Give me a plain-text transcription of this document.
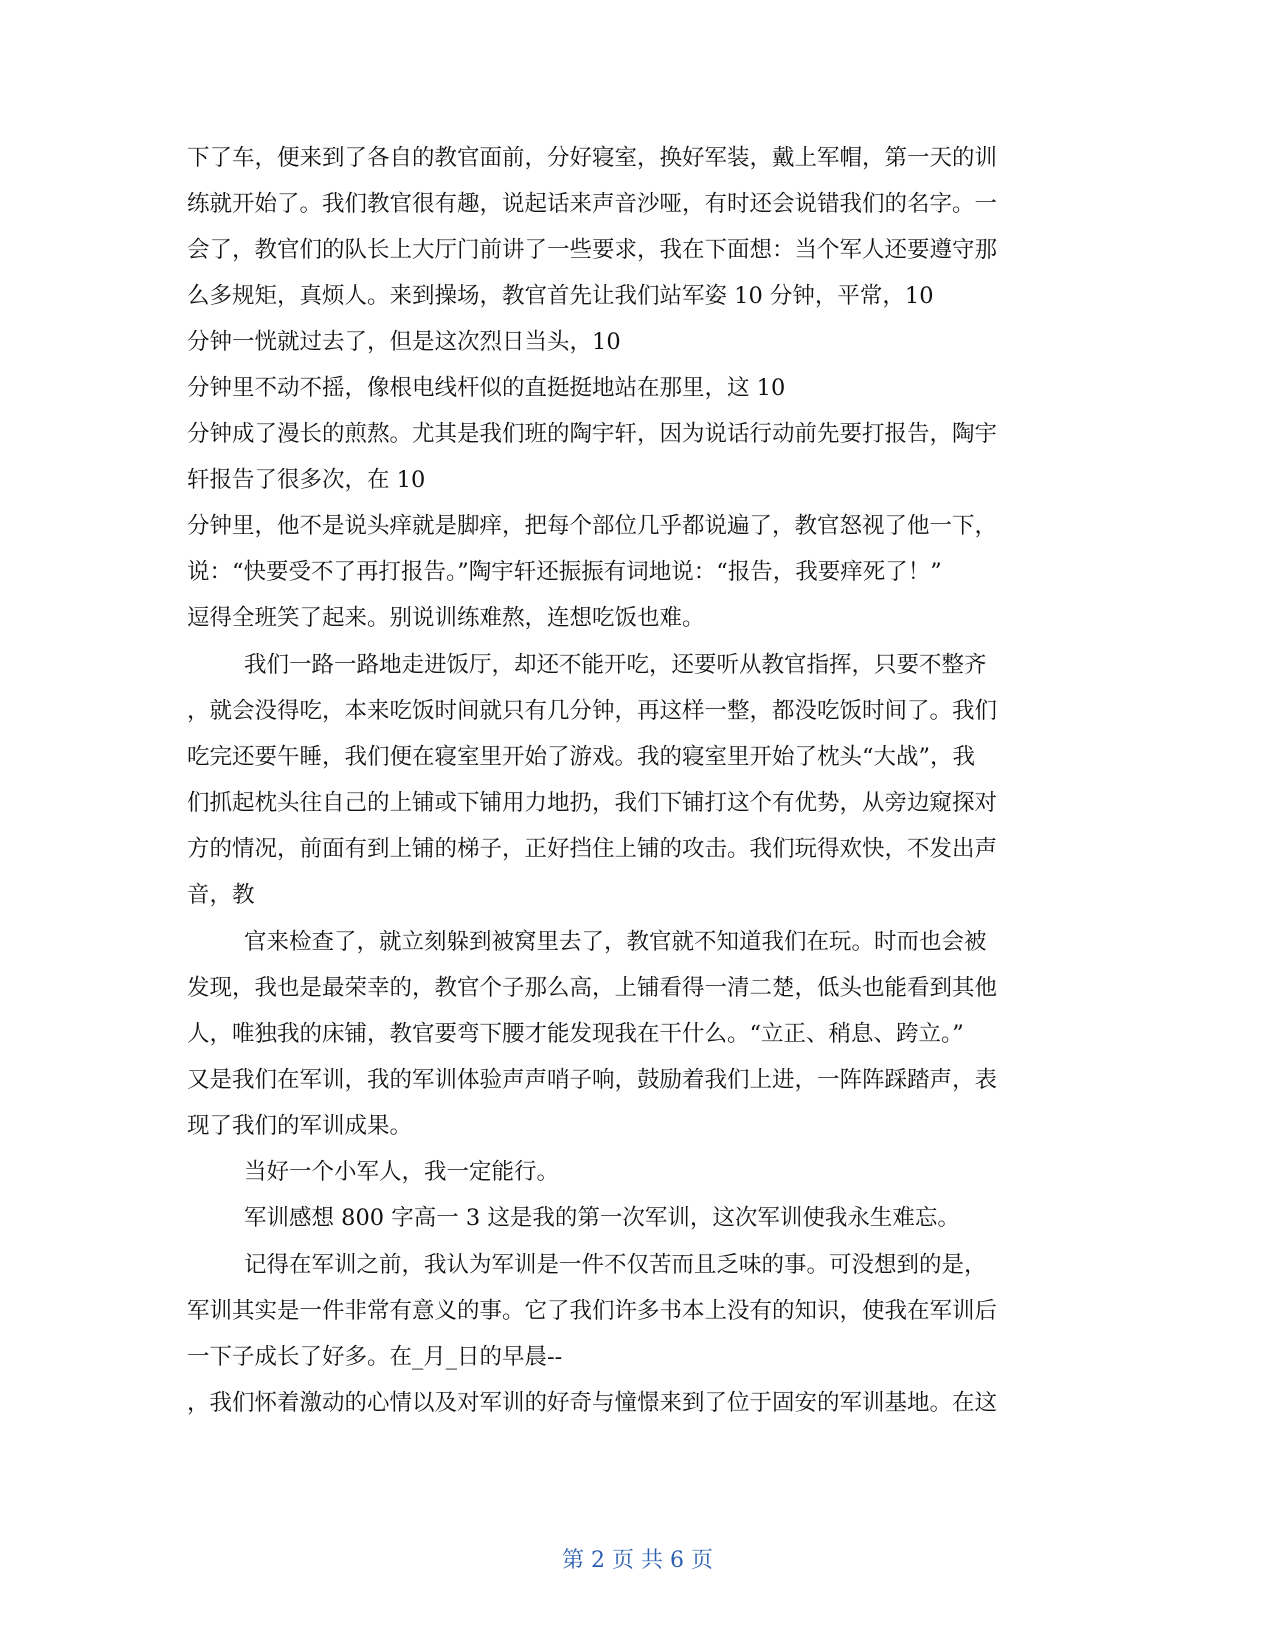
下了车，便来到了各自的教官面前，分好寝室，换好军装，戴上军帽，第一天的训
练就开始了。我们教官很有趣，说起话来声音沙哑，有时还会说错我们的名字。一
会了，教官们的队长上大厅门前讲了一些要求，我在下面想：当个军人还要遵守那
么多规矩，真烦人。来到操场，教官首先让我们站军姿 10 分钟，平常，10
分钟一恍就过去了，但是这次烈日当头，10
分钟里不动不摇，像根电线杆似的直挺挺地站在那里，这 10
分钟成了漫长的煎熬。尤其是我们班的陶宇轩，因为说话行动前先要打报告，陶宇
轩报告了很多次，在 10
分钟里，他不是说头痒就是脚痒，把每个部位几乎都说遍了，教官怒视了他一下，
说：“快要受不了再打报告。”陶宇轩还振振有词地说：“报告，我要痒死了！”
逗得全班笑了起来。别说训练难熬，连想吃饭也难。
我们一路一路地走进饭厅，却还不能开吃，还要听从教官指挥，只要不整齐
，就会没得吃，本来吃饭时间就只有几分钟，再这样一整，都没吃饭时间了。我们
吃完还要午睡，我们便在寝室里开始了游戏。我的寝室里开始了枕头“大战”，我
们抓起枕头往自己的上铺或下铺用力地扔，我们下铺打这个有优势，从旁边窥探对
方的情况，前面有到上铺的梯子，正好挡住上铺的攻击。我们玩得欢快，不发出声
音，教
官来检查了，就立刻躲到被窝里去了，教官就不知道我们在玩。时而也会被
发现，我也是最荣幸的，教官个子那么高，上铺看得一清二楚，低头也能看到其他
人，唯独我的床铺，教官要弯下腰才能发现我在干什么。“立正、稍息、跨立。”
又是我们在军训，我的军训体验声声哨子响，鼓励着我们上进，一阵阵踩踏声，表
现了我们的军训成果。
当好一个小军人，我一定能行。
军训感想 800 字高一 3 这是我的第一次军训，这次军训使我永生难忘。
记得在军训之前，我认为军训是一件不仅苦而且乏味的事。可没想到的是，
军训其实是一件非常有意义的事。它了我们许多书本上没有的知识，使我在军训后
一下子成长了好多。在_月_日的早晨--
，我们怀着激动的心情以及对军训的好奇与憧憬来到了位于固安的军训基地。在这
第 2 页 共 6 页
